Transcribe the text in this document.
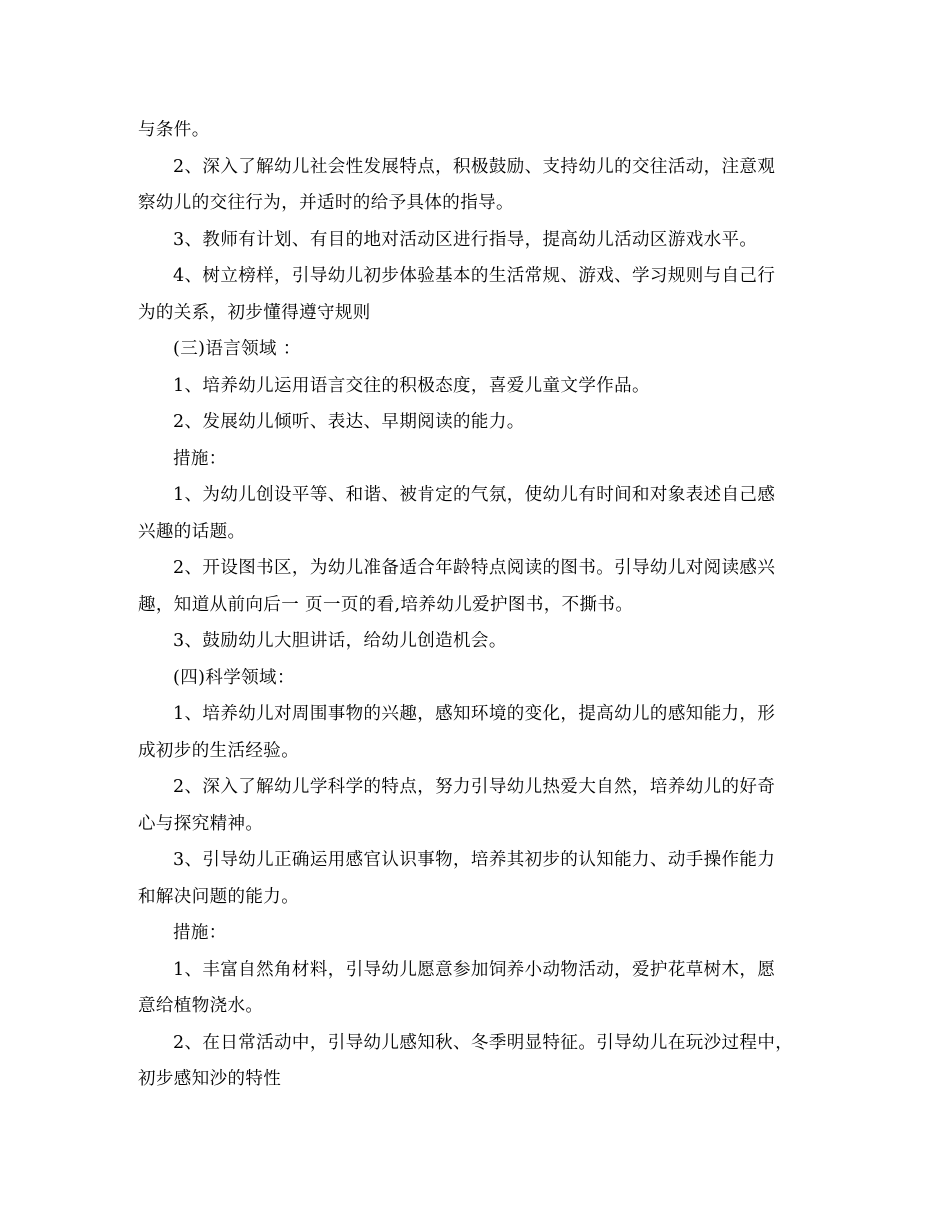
与条件。
2、深入了解幼儿社会性发展特点，积极鼓励、支持幼儿的交往活动，注意观
察幼儿的交往行为，并适时的给予具体的指导。
3、教师有计划、有目的地对活动区进行指导，提高幼儿活动区游戏水平。
4、树立榜样，引导幼儿初步体验基本的生活常规、游戏、学习规则与自己行
为的关系，初步懂得遵守规则
(三)语言领域 ：
1、培养幼儿运用语言交往的积极态度，喜爱儿童文学作品。
2、发展幼儿倾听、表达、早期阅读的能力。
措施：
1、为幼儿创设平等、和谐、被肯定的气氛，使幼儿有时间和对象表述自己感
兴趣的话题。
2、开设图书区，为幼儿准备适合年龄特点阅读的图书。引导幼儿对阅读感兴
趣，知道从前向后一 页一页的看,培养幼儿爱护图书，不撕书。
3、鼓励幼儿大胆讲话，给幼儿创造机会。
(四)科学领域：
1、培养幼儿对周围事物的兴趣，感知环境的变化，提高幼儿的感知能力，形
成初步的生活经验。
2、深入了解幼儿学科学的特点，努力引导幼儿热爱大自然，培养幼儿的好奇
心与探究精神。
3、引导幼儿正确运用感官认识事物，培养其初步的认知能力、动手操作能力
和解决问题的能力。
措施：
1、丰富自然角材料，引导幼儿愿意参加饲养小动物活动，爱护花草树木，愿
意给植物浇水。
2、在日常活动中，引导幼儿感知秋、冬季明显特征。引导幼儿在玩沙过程中，
初步感知沙的特性
